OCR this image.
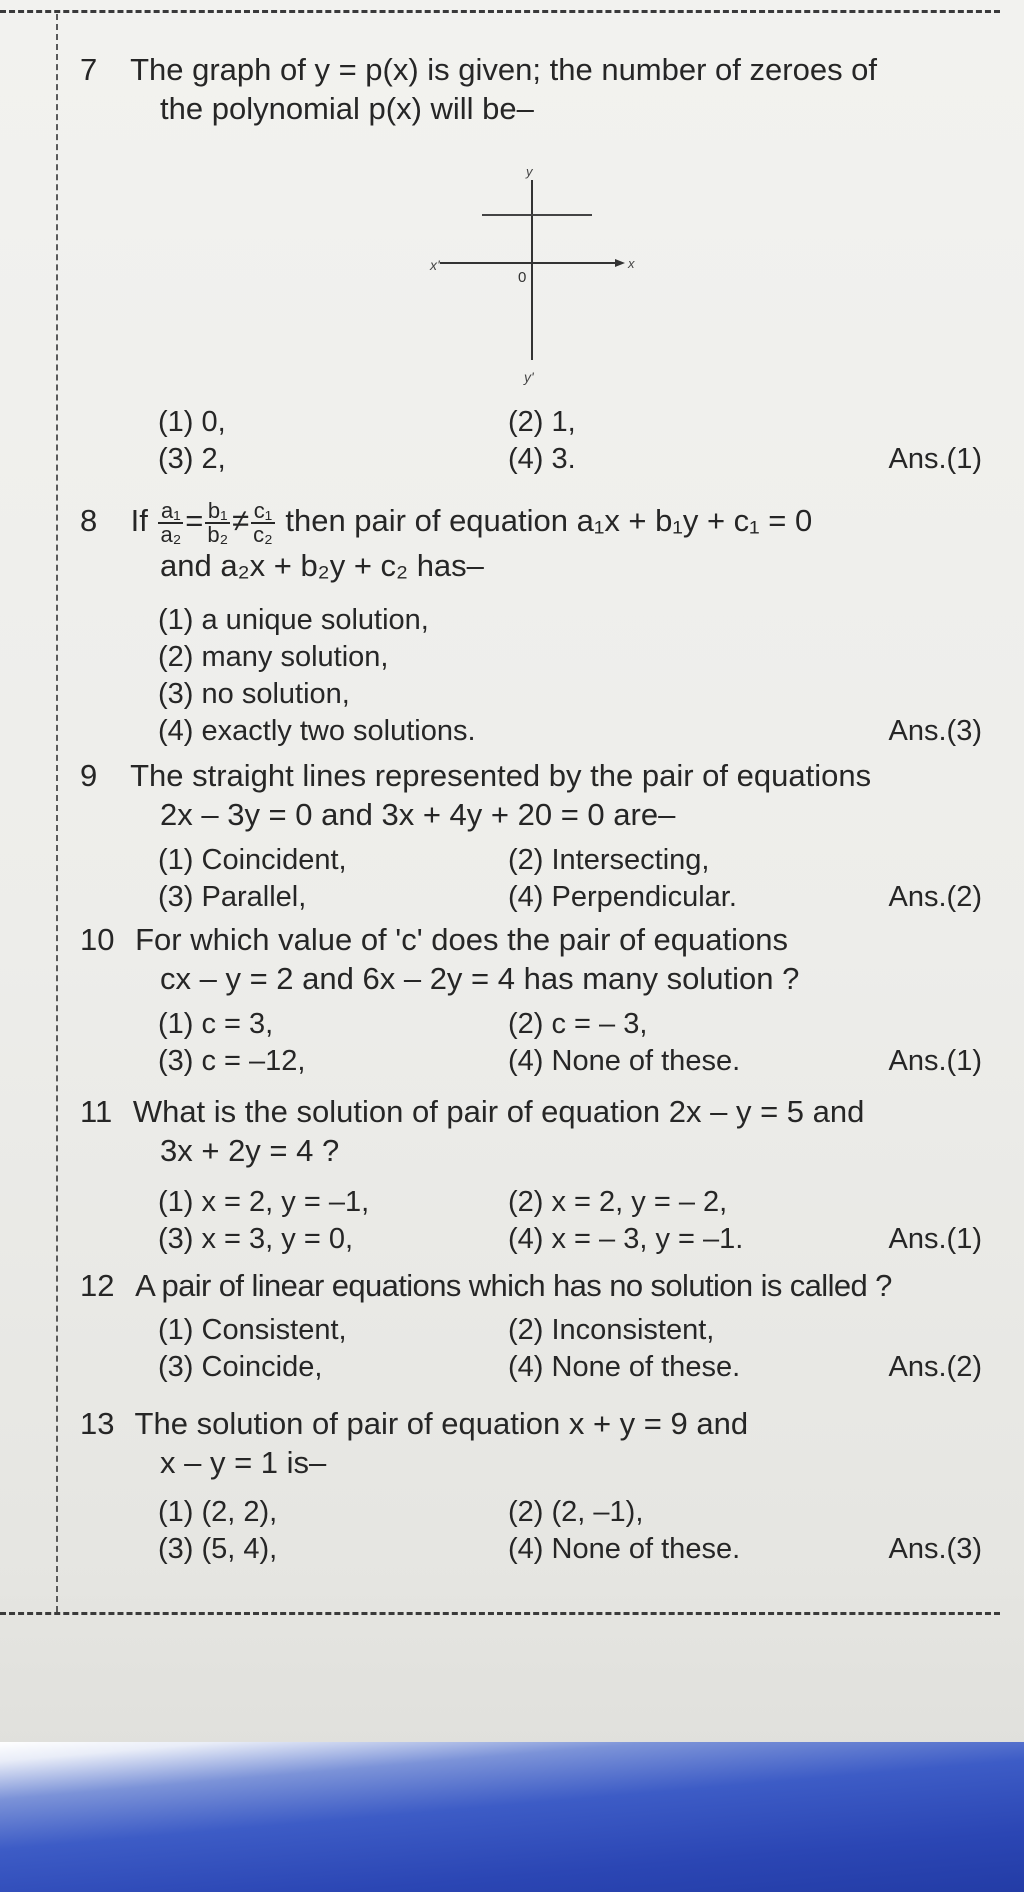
7 The graph of y = p(x) is given; the number of zeroes of
the polynomial p(x) will be–
x'	x
y
y'
0
(1) 0,	(2) 1,
(3) 2,	(4) 3.	Ans.(1)
8 If $\frac{\text{a₁}}{\text{a₂}} = \frac{\text{b₁}}{\text{b₂}} \ne \frac{\text{c₁}}{\text{c₂}}$ then pair of equation a₁x + b₁y + c₁ = 0
and a₂x + b₂y + c₂ has–
(1) a unique solution,
(2) many solution,
(3) no solution,
(4) exactly two solutions.	Ans.(3)
9 The straight lines represented by the pair of equations
2x – 3y = 0 and 3x + 4y + 20 = 0 are–
(1) Coincident,	(2) Intersecting,
(3) Parallel,	(4) Perpendicular.	Ans.(2)
10 For which value of 'c' does the pair of equations
cx – y = 2 and 6x – 2y = 4 has many solution ?
(1) c = 3,	(2) c = – 3,
(3) c = –12,	(4) None of these.	Ans.(1)
11 What is the solution of pair of equation 2x – y = 5 and
3x + 2y = 4 ?
(1) x = 2, y = –1,	(2) x = 2, y = – 2,
(3) x = 3, y = 0,	(4) x = – 3, y = –1.	Ans.(1)
12 A pair of linear equations which has no solution is called ?
(1) Consistent,	(2) Inconsistent,
(3) Coincide,	(4) None of these.	Ans.(2)
13 The solution of pair of equation x + y = 9 and
x – y = 1 is–
(1) (2, 2),	(2) (2, –1),
(3) (5, 4),	(4) None of these.	Ans.(3)
